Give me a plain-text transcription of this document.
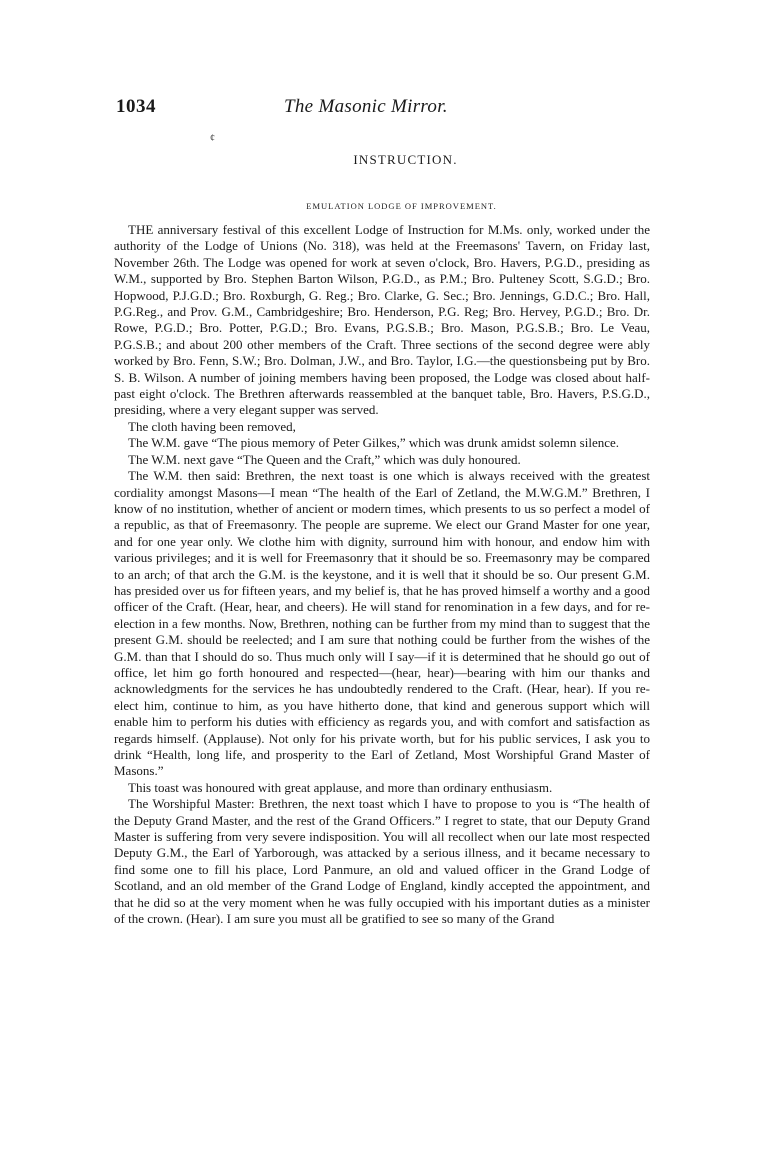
1034	The Masonic Mirror.
¢
INSTRUCTION.
EMULATION LODGE OF IMPROVEMENT.

THE anniversary festival of this excellent Lodge of Instruction for M.Ms. only, worked under the authority of the Lodge of Unions (No. 318), was held at the Freemasons' Tavern, on Friday last, November 26th. The Lodge was opened for work at seven o'clock, Bro. Havers, P.G.D., presiding as W.M., supported by Bro. Stephen Barton Wilson, P.G.D., as P.M.; Bro. Pulteney Scott, S.G.D.; Bro. Hopwood, P.J.G.D.; Bro. Roxburgh, G. Reg.; Bro. Clarke, G. Sec.; Bro. Jennings, G.D.C.; Bro. Hall, P.G.Reg., and Prov. G.M., Cambridgeshire; Bro. Henderson, P.G. Reg; Bro. Hervey, P.G.D.; Bro. Dr. Rowe, P.G.D.; Bro. Potter, P.G.D.; Bro. Evans, P.G.S.B.; Bro. Mason, P.G.S.B.; Bro. Le Veau, P.G.S.B.; and about 200 other members of the Craft. Three sections of the second degree were ably worked by Bro. Fenn, S.W.; Bro. Dolman, J.W., and Bro. Taylor, I.G.—the questionsbeing put by Bro. S. B. Wilson. A number of joining members having been proposed, the Lodge was closed about half-past eight o'clock. The Brethren afterwards reassembled at the banquet table, Bro. Havers, P.S.G.D., presiding, where a very elegant supper was served.

The cloth having been removed,

The W.M. gave “The pious memory of Peter Gilkes,” which was drunk amidst solemn silence.

The W.M. next gave “The Queen and the Craft,” which was duly honoured.

The W.M. then said: Brethren, the next toast is one which is always received with the greatest cordiality amongst Masons—I mean “The health of the Earl of Zetland, the M.W.G.M.” Brethren, I know of no institution, whether of ancient or modern times, which presents to us so perfect a model of a republic, as that of Freemasonry. The people are supreme. We elect our Grand Master for one year, and for one year only. We clothe him with dignity, surround him with honour, and endow him with various privileges; and it is well for Freemasonry that it should be so. Freemasonry may be compared to an arch; of that arch the G.M. is the keystone, and it is well that it should be so. Our present G.M. has presided over us for fifteen years, and my belief is, that he has proved himself a worthy and a good officer of the Craft. (Hear, hear, and cheers). He will stand for renomination in a few days, and for re-election in a few months. Now, Brethren, nothing can be further from my mind than to suggest that the present G.M. should be reelected; and I am sure that nothing could be further from the wishes of the G.M. than that I should do so. Thus much only will I say—if it is determined that he should go out of office, let him go forth honoured and respected—(hear, hear)—bearing with him our thanks and acknowledgments for the services he has undoubtedly rendered to the Craft. (Hear, hear). If you re-elect him, continue to him, as you have hitherto done, that kind and generous support which will enable him to perform his duties with efficiency as regards you, and with comfort and satisfaction as regards himself. (Applause). Not only for his private worth, but for his public services, I ask you to drink “Health, long life, and prosperity to the Earl of Zetland, Most Worshipful Grand Master of Masons.”

This toast was honoured with great applause, and more than ordinary enthusiasm.

The Worshipful Master: Brethren, the next toast which I have to propose to you is “The health of the Deputy Grand Master, and the rest of the Grand Officers.” I regret to state, that our Deputy Grand Master is suffering from very severe indisposition. You will all recollect when our late most respected Deputy G.M., the Earl of Yarborough, was attacked by a serious illness, and it became necessary to find some one to fill his place, Lord Panmure, an old and valued officer in the Grand Lodge of Scotland, and an old member of the Grand Lodge of England, kindly accepted the appointment, and that he did so at the very moment when he was fully occupied with his important duties as a minister of the crown. (Hear). I am sure you must all be gratified to see so many of the Grand
